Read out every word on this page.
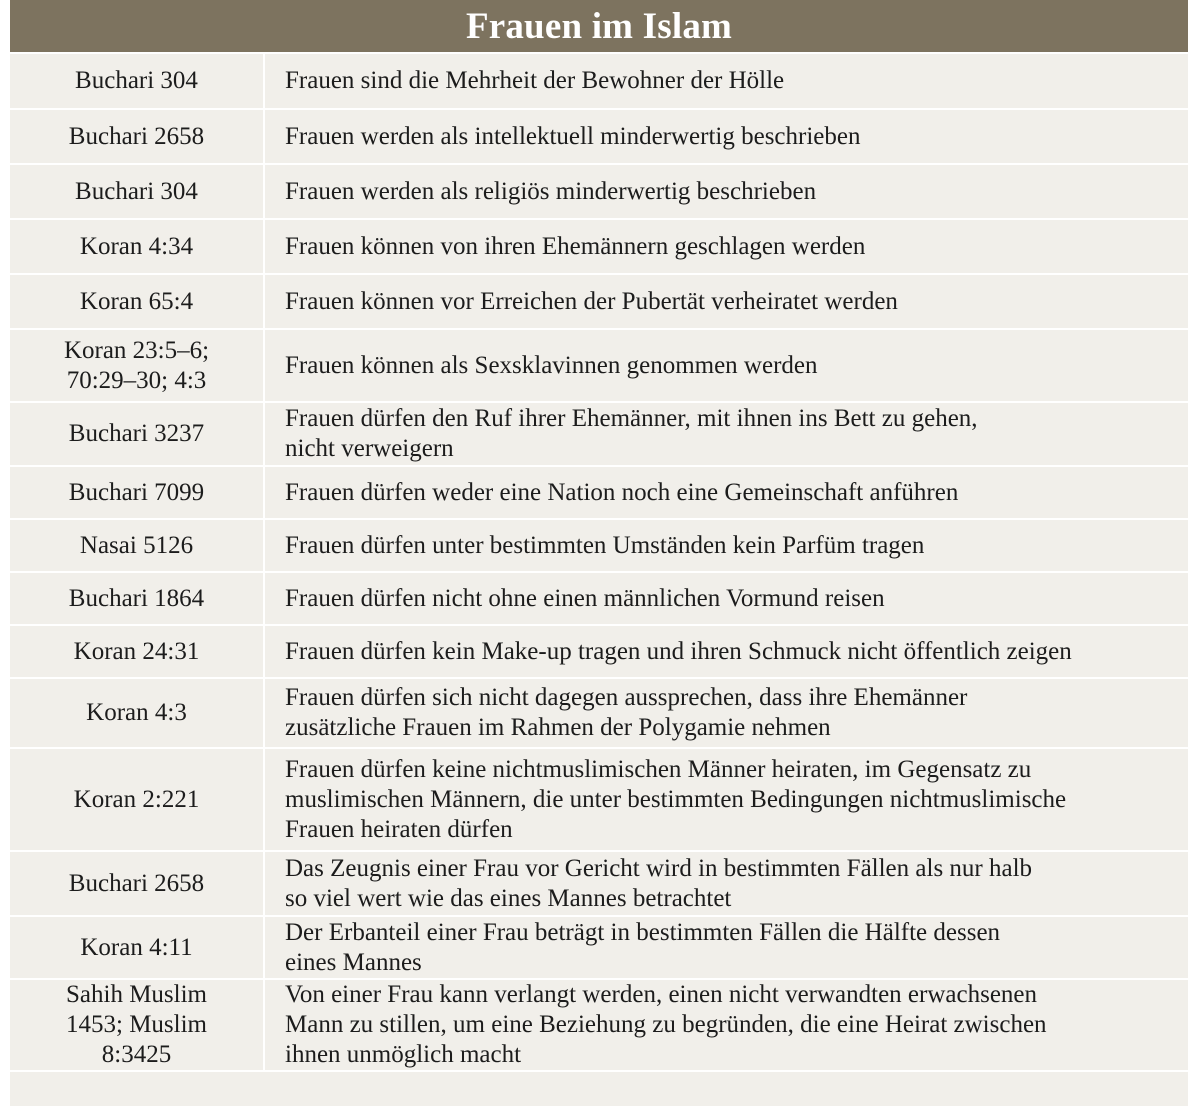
Frauen im Islam
Buchari 304	Frauen sind die Mehrheit der Bewohner der Hölle

Buchari 2658	Frauen werden als intellektuell minderwertig beschrieben

Buchari 304	Frauen werden als religiös minderwertig beschrieben

Koran 4:34	Frauen können von ihren Ehemännern geschlagen werden

Koran 65:4	Frauen können vor Erreichen der Pubertät verheiratet werden

Koran 23:5–6;
70:29–30; 4:3	Frauen können als Sexsklavinnen genommen werden

Buchari 3237	Frauen dürfen den Ruf ihrer Ehemänner, mit ihnen ins Bett zu gehen,
nicht verweigern

Buchari 7099	Frauen dürfen weder eine Nation noch eine Gemeinschaft anführen

Nasai 5126	Frauen dürfen unter bestimmten Umständen kein Parfüm tragen

Buchari 1864	Frauen dürfen nicht ohne einen männlichen Vormund reisen

Koran 24:31	Frauen dürfen kein Make-up tragen und ihren Schmuck nicht öffentlich zeigen

Koran 4:3	Frauen dürfen sich nicht dagegen aussprechen, dass ihre Ehemänner
zusätzliche Frauen im Rahmen der Polygamie nehmen

Koran 2:221	Frauen dürfen keine nichtmuslimischen Männer heiraten, im Gegensatz zu
muslimischen Männern, die unter bestimmten Bedingungen nichtmuslimische
Frauen heiraten dürfen

Buchari 2658	Das Zeugnis einer Frau vor Gericht wird in bestimmten Fällen als nur halb
so viel wert wie das eines Mannes betrachtet

Koran 4:11	Der Erbanteil einer Frau beträgt in bestimmten Fällen die Hälfte dessen
eines Mannes

Sahih Muslim
1453; Muslim
8:3425	Von einer Frau kann verlangt werden, einen nicht verwandten erwachsenen
Mann zu stillen, um eine Beziehung zu begründen, die eine Heirat zwischen
ihnen unmöglich macht
